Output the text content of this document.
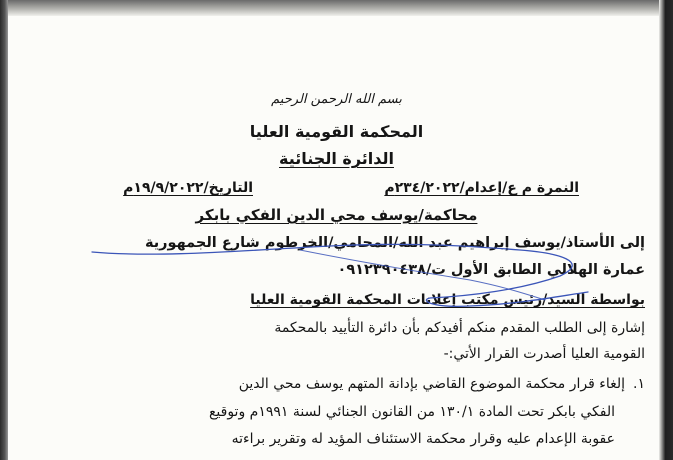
بسم الله الرحمن الرحيم

المحكمة القومية العليا

الدائرة الجنائية

النمرة م ع/إعدام/٢٣٤/٢٠٢٢م

التاريخ/١٩/٩/٢٠٢٢م

محاكمة/يوسف محي الدين الفكي بابكر

إلى الأستاذ/يوسف إبراهيم عبد الله/المحامي/الخرطوم شارع الجمهورية

عمارة الهلالي الطابق الأول ت/٠٩١٢٣٩٠٤٣٨

بواسطة السيد/رئيس مكتب إعلانات المحكمة القومية العليا

إشارة إلى الطلب المقدم منكم أفيدكم بأن دائرة التأييد بالمحكمة

القومية العليا أصدرت القرار الأتي:-

١.إلغاء قرار محكمة الموضوع القاضي بإدانة المتهم يوسف محي الدين

الفكي بابكر تحت المادة ١٣٠/١ من القانون الجنائي لسنة ١٩٩١م وتوقيع

عقوبة الإعدام عليه وقرار محكمة الاستئناف المؤيد له وتقرير براءته
